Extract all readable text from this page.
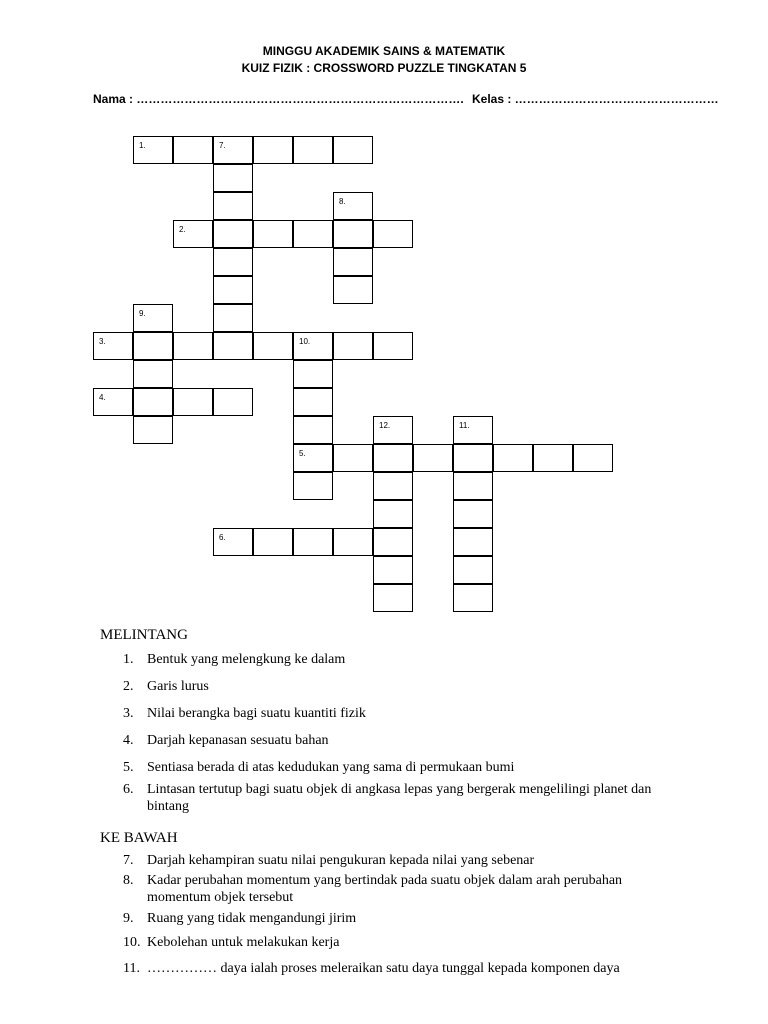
MINGGU AKADEMIK SAINS & MATEMATIK
KUIZ FIZIK : CROSSWORD PUZZLE TINGKATAN 5
Nama : ………………………………………………………………………. Kelas : ……………………………………………
1.	7.
8.
2.
9.
3.	10.
4.
12.	11.
5.
6.
MELINTANG
1. Bentuk yang melengkung ke dalam
2. Garis lurus
3. Nilai berangka bagi suatu kuantiti fizik
4. Darjah kepanasan sesuatu bahan
5. Sentiasa berada di atas kedudukan yang sama di permukaan bumi
6. Lintasan tertutup bagi suatu objek di angkasa lepas yang bergerak mengelilingi planet dan bintang
KE BAWAH
7. Darjah kehampiran suatu nilai pengukuran kepada nilai yang sebenar
8. Kadar perubahan momentum yang bertindak pada suatu objek dalam arah perubahan momentum objek tersebut
9. Ruang yang tidak mengandungi jirim
10. Kebolehan untuk melakukan kerja
11. …………… daya ialah proses meleraikan satu daya tunggal kepada komponen daya
